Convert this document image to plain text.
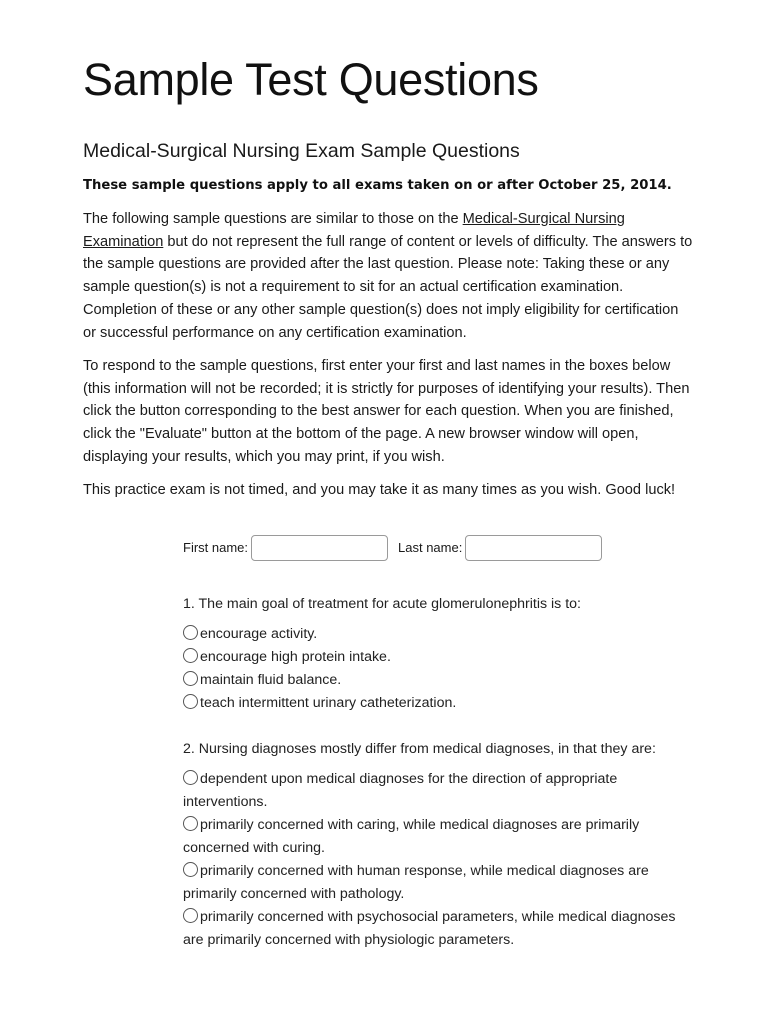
Sample Test Questions
Medical-Surgical Nursing Exam Sample Questions

These sample questions apply to all exams taken on or after October 25, 2014.

The following sample questions are similar to those on the Medical-Surgical Nursing Examination but do not represent the full range of content or levels of difficulty. The answers to the sample questions are provided after the last question. Please note: Taking these or any sample question(s) is not a requirement to sit for an actual certification examination. Completion of these or any other sample question(s) does not imply eligibility for certification or successful performance on any certification examination.

To respond to the sample questions, first enter your first and last names in the boxes below (this information will not be recorded; it is strictly for purposes of identifying your results). Then click the button corresponding to the best answer for each question. When you are finished, click the "Evaluate" button at the bottom of the page. A new browser window will open, displaying your results, which you may print, if you wish.

This practice exam is not timed, and you may take it as many times as you wish. Good luck!

First name:	Last name:

1. The main goal of treatment for acute glomerulonephritis is to:

encourage activity.
encourage high protein intake.
maintain fluid balance.
teach intermittent urinary catheterization.

2. Nursing diagnoses mostly differ from medical diagnoses, in that they are:

dependent upon medical diagnoses for the direction of appropriate interventions.
primarily concerned with caring, while medical diagnoses are primarily concerned with curing.
primarily concerned with human response, while medical diagnoses are primarily concerned with pathology.
primarily concerned with psychosocial parameters, while medical diagnoses are primarily concerned with physiologic parameters.
